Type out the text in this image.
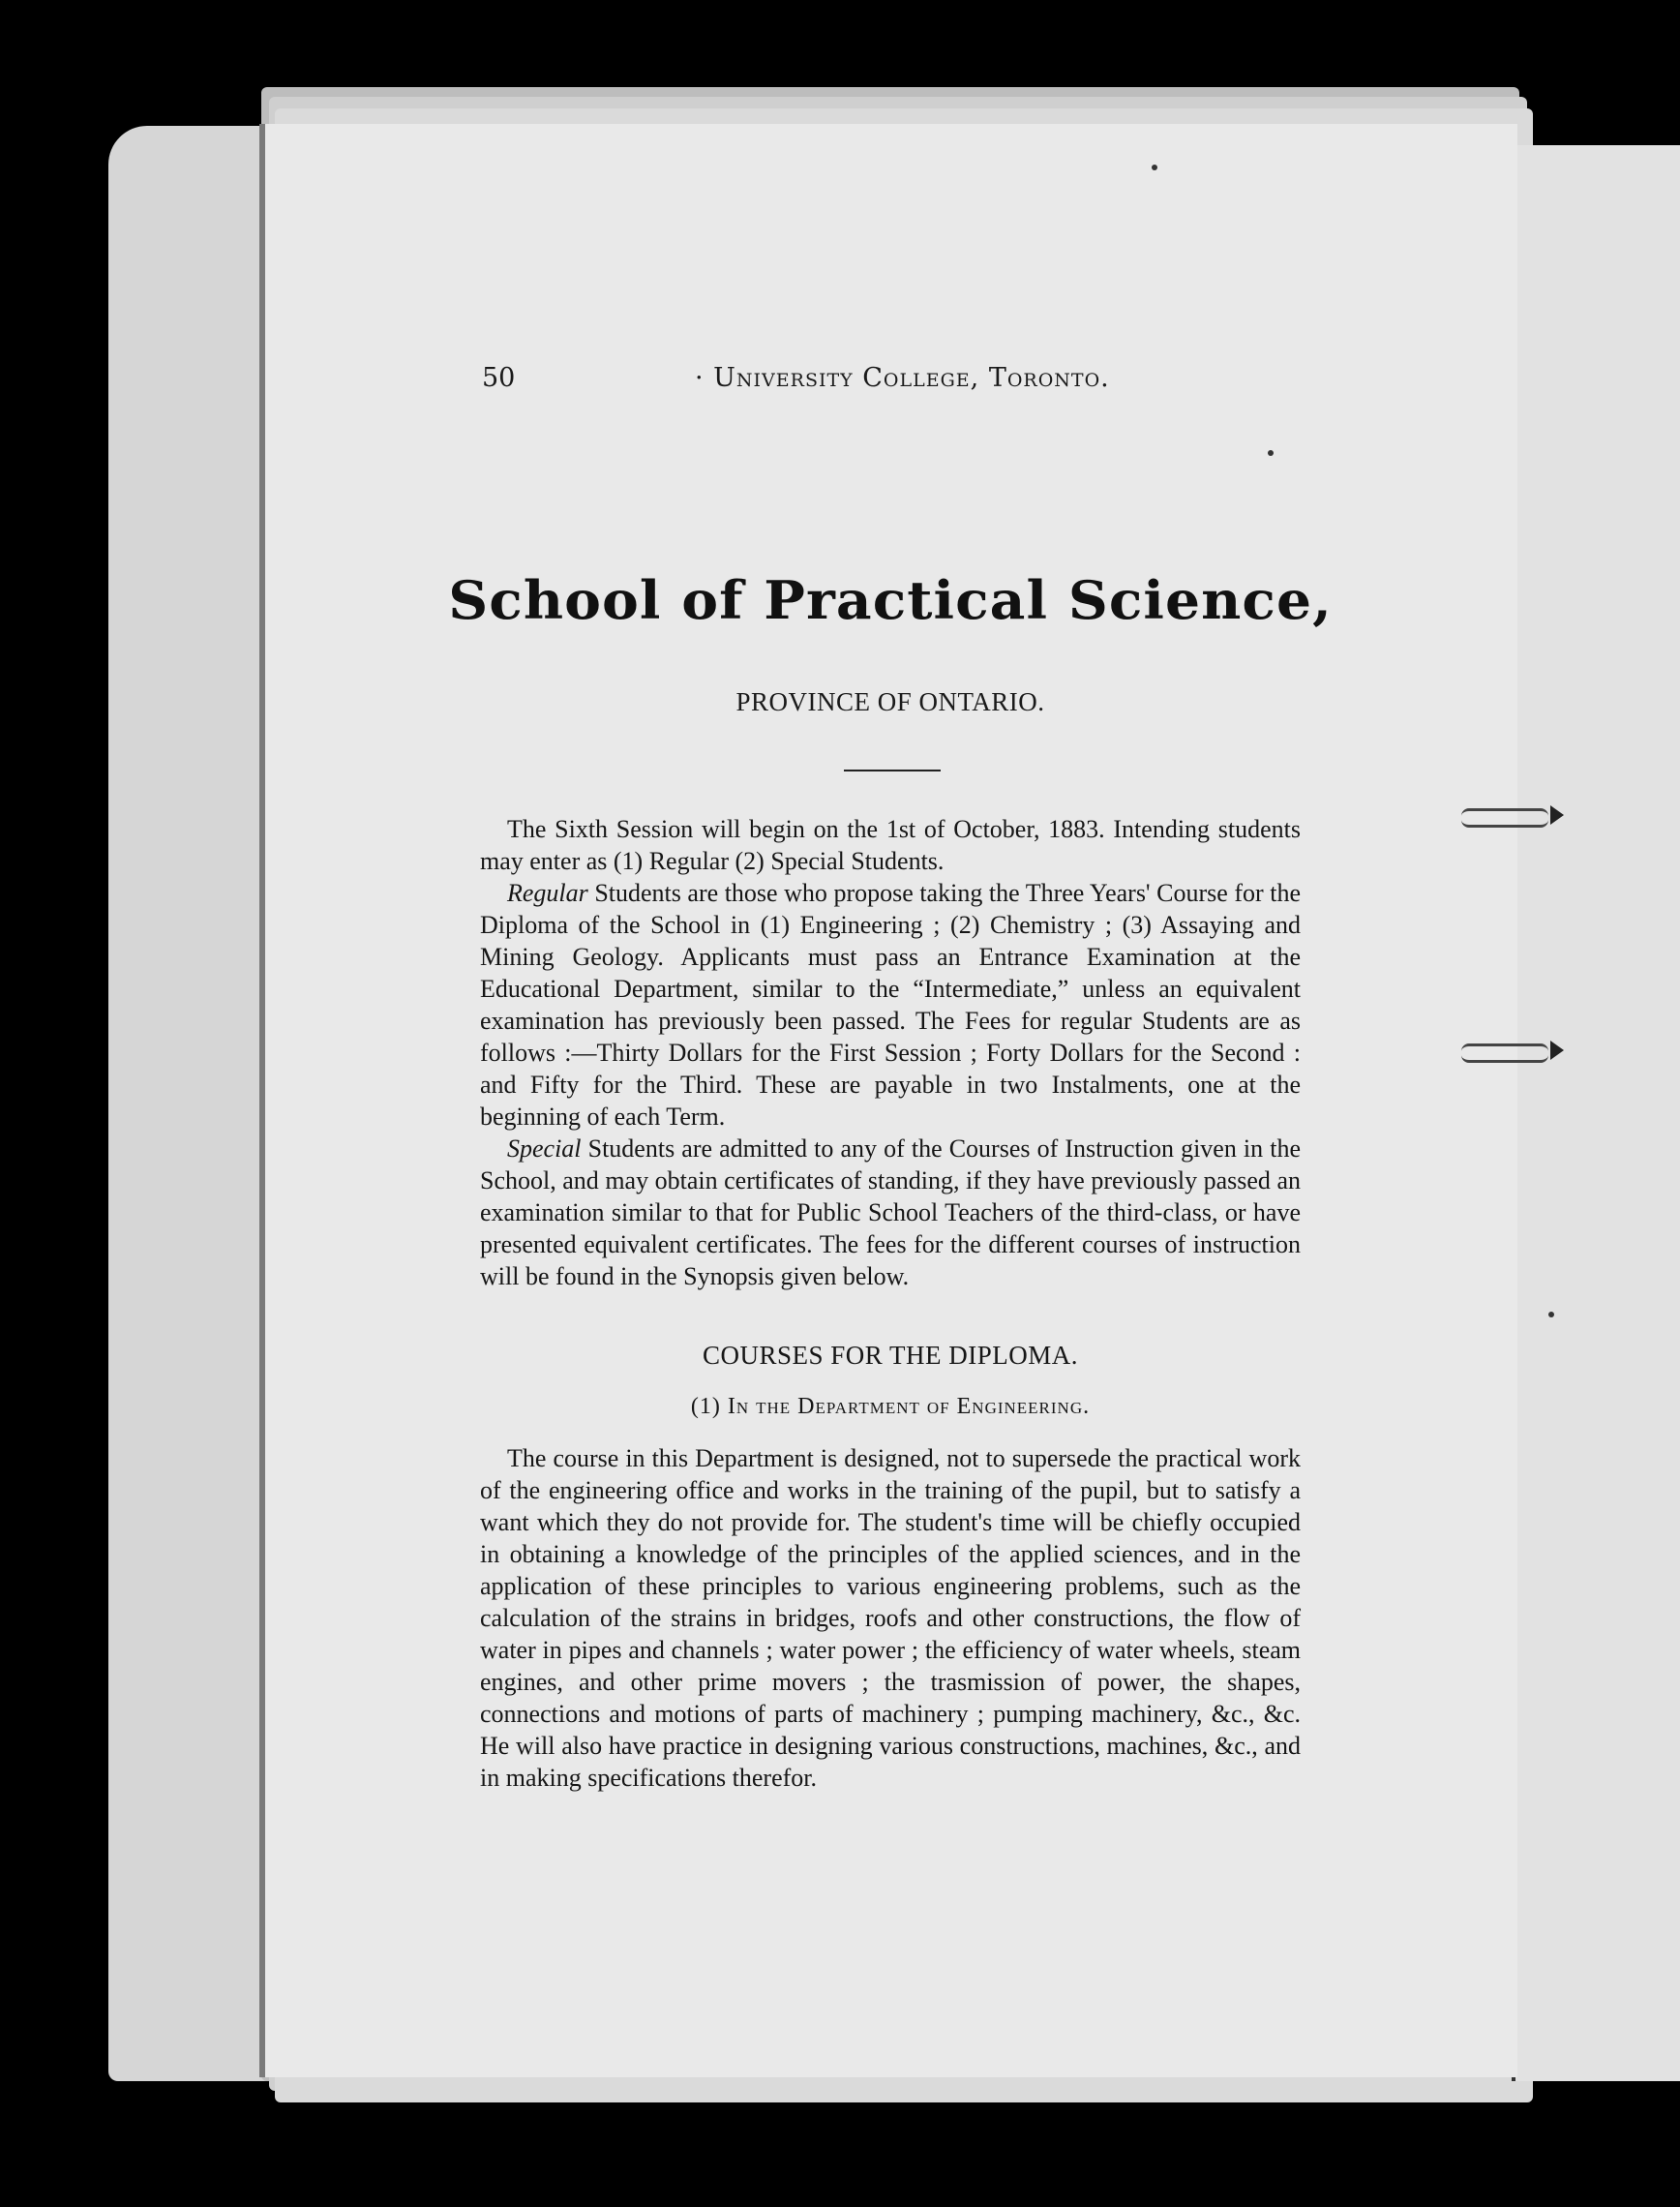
50	· University College, Toronto.
School of Practical Science,
PROVINCE OF ONTARIO.

The Sixth Session will begin on the 1st of October, 1883. Intending students may enter as (1) Regular (2) Special Students.

Regular Students are those who propose taking the Three Years' Course for the Diploma of the School in (1) Engineering ; (2) Chemistry ; (3) Assaying and Mining Geology. Applicants must pass an Entrance Examination at the Educational Department, similar to the “Intermediate,” unless an equivalent examination has previously been passed. The Fees for regular Students are as follows :—Thirty Dollars for the First Session ; Forty Dollars for the Second : and Fifty for the Third. These are payable in two Instalments, one at the beginning of each Term.

Special Students are admitted to any of the Courses of Instruction given in the School, and may obtain certificates of standing, if they have previously passed an examination similar to that for Public School Teachers of the third-class, or have presented equivalent certificates. The fees for the different courses of instruction will be found in the Synopsis given below.

COURSES FOR THE DIPLOMA.
(1) In the Department of Engineering.

The course in this Department is designed, not to supersede the practical work of the engineering office and works in the training of the pupil, but to satisfy a want which they do not provide for. The student's time will be chiefly occupied in obtaining a knowledge of the principles of the applied sciences, and in the application of these principles to various engineering problems, such as the calculation of the strains in bridges, roofs and other constructions, the flow of water in pipes and channels ; water power ; the efficiency of water wheels, steam engines, and other prime movers ; the trasmission of power, the shapes, connections and motions of parts of machinery ; pumping machinery, &c., &c. He will also have practice in designing various constructions, machines, &c., and in making specifications therefor.
